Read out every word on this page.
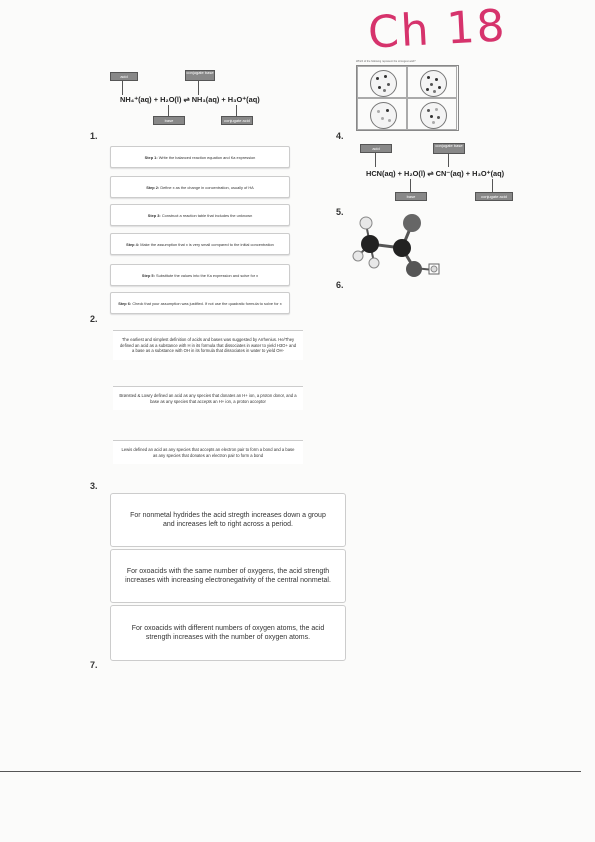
Ch 18
1.
2.
3.
4.
5.
6.
7.
acid
conjugate base
NH₄⁺(aq) + H₂O(l) ⇌ NH₃(aq) + H₃O⁺(aq)
base	conjugate acid
Step 1: Write the balanced reaction equation and Ka expression
Step 2: Define x as the change in concentration, usually of HA
Step 3: Construct a reaction table that includes the unknown
Step 4: Make the assumption that x is very small compared to the initial concentration
Step 5: Substitute the values into the Ka expression and solve for x
Step 6: Check that your assumption was justified. If not use the quadratic formula to solve for x
The earliest and simplest definition of acids and bases was suggested by Arrhenius. He/They defined an acid as a substance with H in its formula that dissociates in water to yield H3O+ and a base as a substance with OH in its formula that dissociates in water to yield OH-
Brønsted & Lowry defined an acid as any species that donates an H+ ion, a proton donor, and a base as any species that accepts an H+ ion, a proton acceptor
Lewis defined an acid as any species that accepts an electron pair to form a bond and a base as any species that donates an electron pair to form a bond
For nonmetal hydrides the acid stregth increases down a group and increases left to right across a period.
For oxoacids with the same number of oxygens, the acid strength increases with increasing electronegativity of the central nonmetal.
For oxoacids with different numbers of oxygen atoms, the acid strength increases with the number of oxygen atoms.
Which of the following represent the strongest acid?
acid
conjugate base
HCN(aq) + H₂O(l) ⇌ CN⁻(aq) + H₃O⁺(aq)
base	conjugate acid
